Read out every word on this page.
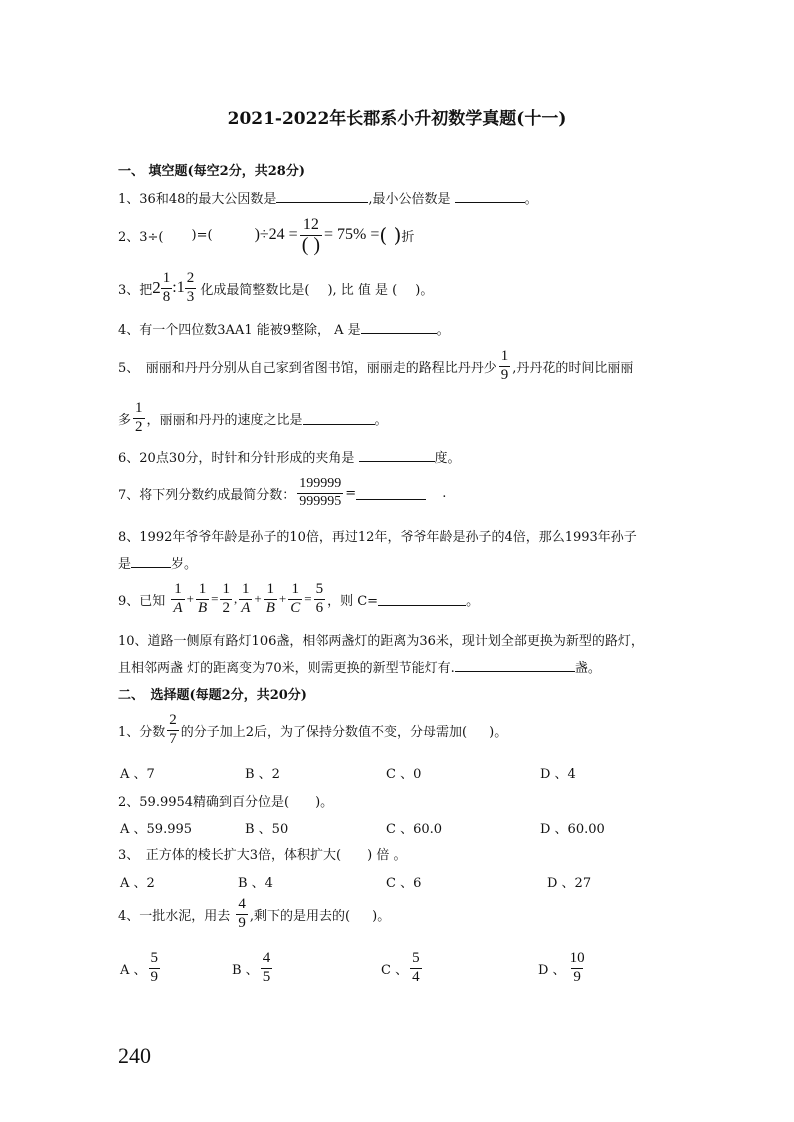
2021-2022年长郡系小升初数学真题(十一)
一、 填空题(每空2分，共28分)
1、36和48的最大公因数是	,最小公倍数是	。
2、3÷( )=(	)$\div 24 = \frac{12}{( )} = 75\%$ = ( ) 折
3、把 $2 \frac{1}{8}$ : $1 \frac{2}{3}$
化成最简整数比是( ), 比 值 是 ( )。
4、有一个四位数3AA1 能被9整除， A 是	。
5、　丽丽和丹丹分别从自己家到省图书馆，丽丽走的路程比丹丹少 $\frac{1}{9}$ ,丹丹花的时间比丽丽
多 $\frac{1}{2}$ ，丽丽和丹丹的速度之比是	。
6、20点30分，时针和分针形成的夹角是	度。
7、将下列分数约成最简分数： $\frac{199999}{999995}$ =	.
8、1992年爷爷年龄是孙子的10倍，再过12年，爷爷年龄是孙子的4倍，那么1993年孙子
是	岁。
9、已知
$\frac{1}{A} + \frac{1}{B} = \frac{1}{2}$ , $\frac{1}{A} + \frac{1}{B} + \frac{1}{C} = \frac{5}{6}$ ，则 C=	。
10、道路一侧原有路灯106盏，相邻两盏灯的距离为36米，现计划全部更换为新型的路灯，
且相邻两盏 灯的距离变为70米，则需更换的新型节能灯有.	盏。
二、　选择题(每题2分，共20分)
1、分数 $\frac{2}{7}$ 的分子加上2后，为了保持分数值不变，分母需加( )。
A 、7	B 、2	C 、0	D 、4
2、59.9954精确到百分位是(　　)。
A 、59.995	B 、50	C 、60.0	D 、60.00
3、　正方体的棱长扩大3倍，体积扩大(　　) 倍 。
A 、2	B 、4	C 、6	D 、27
4、一批水泥，用去
$\frac{4}{9}$ ,剩下的是用去的( )。
A 、 $\frac{5}{9}$	B 、 $\frac{4}{5}$	C 、 $\frac{5}{4}$	D 、 $\frac{10}{9}$
240
